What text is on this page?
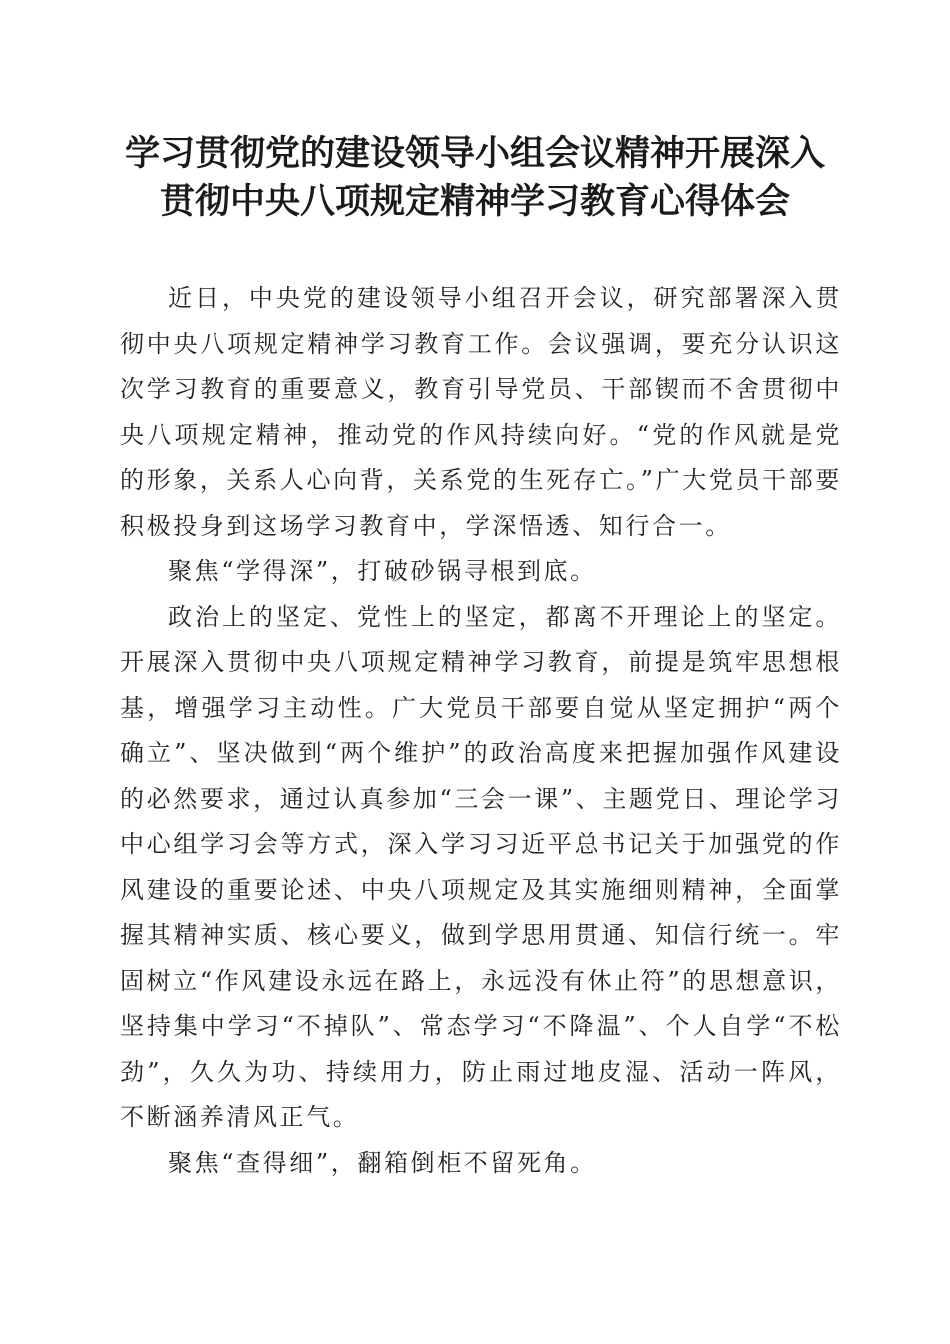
学习贯彻党的建设领导小组会议精神开展深入
贯彻中央八项规定精神学习教育心得体会

近日，中央党的建设领导小组召开会议，研究部署深入贯彻中央八项规定精神学习教育工作。会议强调，要充分认识这次学习教育的重要意义，教育引导党员、干部锲而不舍贯彻中央八项规定精神，推动党的作风持续向好。“党的作风就是党的形象，关系人心向背，关系党的生死存亡。”广大党员干部要积极投身到这场学习教育中，学深悟透、知行合一。

聚焦“学得深”，打破砂锅寻根到底。

政治上的坚定、党性上的坚定，都离不开理论上的坚定。开展深入贯彻中央八项规定精神学习教育，前提是筑牢思想根基，增强学习主动性。广大党员干部要自觉从坚定拥护“两个确立”、坚决做到“两个维护”的政治高度来把握加强作风建设的必然要求，通过认真参加“三会一课”、主题党日、理论学习中心组学习会等方式，深入学习习近平总书记关于加强党的作风建设的重要论述、中央八项规定及其实施细则精神，全面掌握其精神实质、核心要义，做到学思用贯通、知信行统一。牢固树立“作风建设永远在路上，永远没有休止符”的思想意识，坚持集中学习“不掉队”、常态学习“不降温”、个人自学“不松劲”，久久为功、持续用力，防止雨过地皮湿、活动一阵风，不断涵养清风正气。

聚焦“查得细”，翻箱倒柜不留死角。
